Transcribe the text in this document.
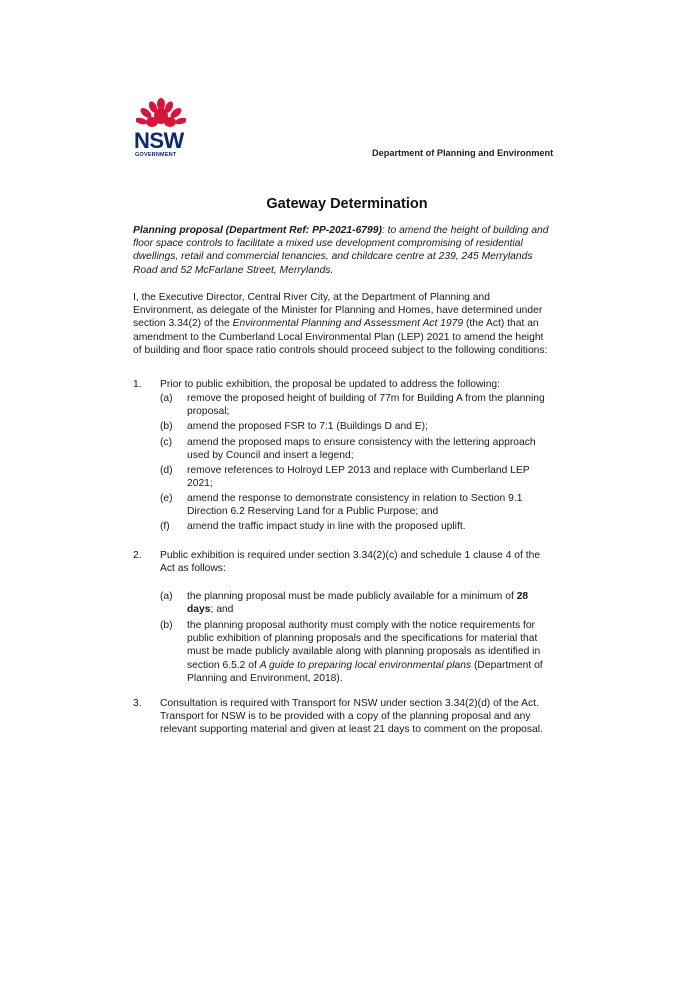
NSW
GOVERNMENT	Department of Planning and Environment
Gateway Determination

Planning proposal (Department Ref: PP-2021-6799): to amend the height of building and floor space controls to facilitate a mixed use development compromising of residential dwellings, retail and commercial tenancies, and childcare centre at 239, 245 Merrylands Road and 52 McFarlane Street, Merrylands.

I, the Executive Director, Central River City, at the Department of Planning and Environment, as delegate of the Minister for Planning and Homes, have determined under section 3.34(2) of the Environmental Planning and Assessment Act 1979 (the Act) that an amendment to the Cumberland Local Environmental Plan (LEP) 2021 to amend the height of building and floor space ratio controls should proceed subject to the following conditions:

1. Prior to public exhibition, the proposal be updated to address the following:
(a) remove the proposed height of building of 77m for Building A from the planning proposal;
(b) amend the proposed FSR to 7:1 (Buildings D and E);
(c) amend the proposed maps to ensure consistency with the lettering approach used by Council and insert a legend;
(d) remove references to Holroyd LEP 2013 and replace with Cumberland LEP 2021;
(e) amend the response to demonstrate consistency in relation to Section 9.1 Direction 6.2 Reserving Land for a Public Purpose; and
(f) amend the traffic impact study in line with the proposed uplift.
2. Public exhibition is required under section 3.34(2)(c) and schedule 1 clause 4 of the Act as follows:
(a) the planning proposal must be made publicly available for a minimum of 28 days; and
(b) the planning proposal authority must comply with the notice requirements for public exhibition of planning proposals and the specifications for material that must be made publicly available along with planning proposals as identified in section 6.5.2 of A guide to preparing local environmental plans (Department of Planning and Environment, 2018).
3. Consultation is required with Transport for NSW under section 3.34(2)(d) of the Act. Transport for NSW is to be provided with a copy of the planning proposal and any relevant supporting material and given at least 21 days to comment on the proposal.
